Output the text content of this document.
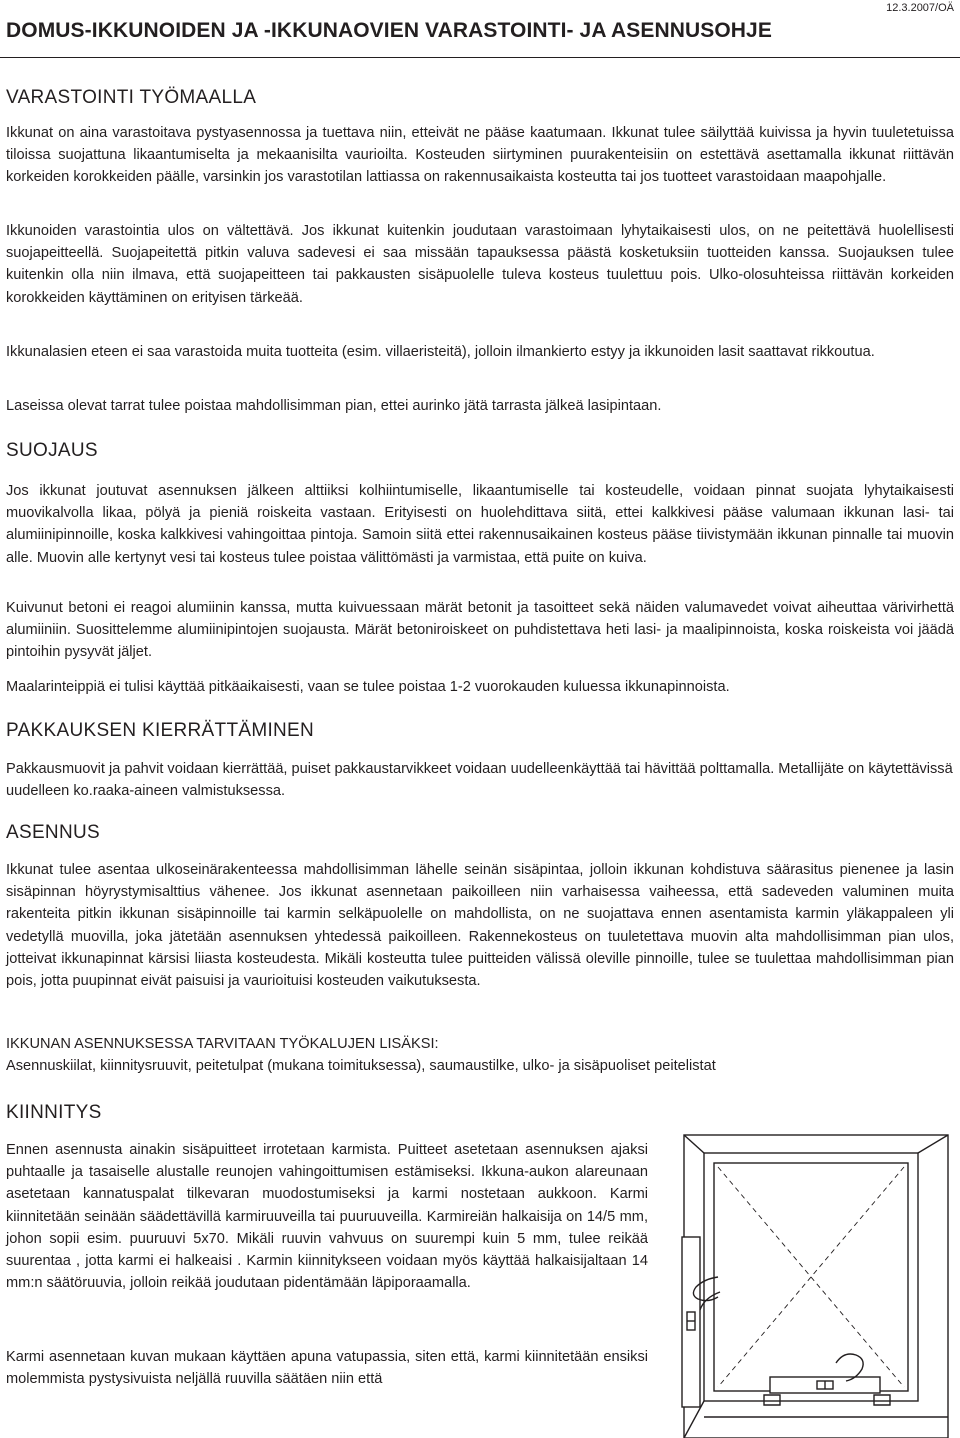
12.3.2007/OÄ
DOMUS-IKKUNOIDEN JA -IKKUNAOVIEN VARASTOINTI- JA ASENNUSOHJE
VARASTOINTI TYÖMAALLA

Ikkunat on aina varastoitava pystyasennossa ja tuettava niin, etteivät ne pääse kaatumaan. Ikkunat tulee säilyttää kuivissa ja hyvin tuuletetuissa tiloissa suojattuna likaantumiselta ja mekaanisilta vaurioilta. Kosteuden siirtyminen puurakenteisiin on estettävä asettamalla ikkunat riittävän korkeiden korokkeiden päälle, varsinkin jos varastotilan lattiassa on rakennusaikaista kosteutta tai jos tuotteet varastoidaan maapohjalle.

Ikkunoiden varastointia ulos on vältettävä. Jos ikkunat kuitenkin joudutaan varastoimaan lyhytaikaisesti ulos, on ne peitettävä huolellisesti suojapeitteellä. Suojapeitettä pitkin valuva sadevesi ei saa missään tapauksessa päästä kosketuksiin tuotteiden kanssa. Suojauksen tulee kuitenkin olla niin ilmava, että suojapeitteen tai pakkausten sisäpuolelle tuleva kosteus tuulettuu pois. Ulko-olosuhteissa riittävän korkeiden korokkeiden käyttäminen on erityisen tärkeää.

Ikkunalasien eteen ei saa varastoida muita tuotteita (esim. villaeristeitä), jolloin ilmankierto estyy ja ikkunoiden lasit saattavat rikkoutua.

Laseissa olevat tarrat tulee poistaa mahdollisimman pian, ettei aurinko jätä tarrasta jälkeä lasipintaan.

SUOJAUS

Jos ikkunat joutuvat asennuksen jälkeen alttiiksi kolhiintumiselle, likaantumiselle tai kosteudelle, voidaan pinnat suojata lyhytaikaisesti muovikalvolla likaa, pölyä ja pieniä roiskeita vastaan. Erityisesti on huolehdittava siitä, ettei kalkkivesi pääse valumaan ikkunan lasi- tai alumiinipinnoille, koska kalkkivesi vahingoittaa pintoja. Samoin siitä ettei rakennusaikainen kosteus pääse tiivistymään ikkunan pinnalle tai muovin alle. Muovin alle kertynyt vesi tai kosteus tulee poistaa välittömästi ja varmistaa, että puite on kuiva.

Kuivunut betoni ei reagoi alumiinin kanssa, mutta kuivuessaan märät betonit ja tasoitteet sekä näiden valumavedet voivat aiheuttaa värivirhettä alumiiniin. Suosittelemme alumiinipintojen suojausta. Märät betoniroiskeet on puhdistettava heti lasi- ja maalipinnoista, koska roiskeista voi jäädä pintoihin pysyvät jäljet.

Maalarinteippiä ei tulisi käyttää pitkäaikaisesti, vaan se tulee poistaa 1-2 vuorokauden kuluessa ikkunapinnoista.

PAKKAUKSEN KIERRÄTTÄMINEN

Pakkausmuovit ja pahvit voidaan kierrättää, puiset pakkaustarvikkeet voidaan uudelleenkäyttää tai hävittää polttamalla. Metallijäte on käytettävissä uudelleen ko.raaka-aineen valmistuksessa.

ASENNUS

Ikkunat tulee asentaa ulkoseinärakenteessa mahdollisimman lähelle seinän sisäpintaa, jolloin ikkunan kohdistuva säärasitus pienenee ja lasin sisäpinnan höyrystymisalttius vähenee. Jos ikkunat asennetaan paikoilleen niin varhaisessa vaiheessa, että sadeveden valuminen muita rakenteita pitkin ikkunan sisäpinnoille tai karmin selkäpuolelle on mahdollista, on ne suojattava ennen asentamista karmin yläkappaleen yli vedetyllä muovilla, joka jätetään asennuksen yhtedessä paikoilleen. Rakennekosteus on tuuletettava muovin alta mahdollisimman pian ulos, jotteivat ikkunapinnat kärsisi liiasta kosteudesta. Mikäli kosteutta tulee puitteiden välissä oleville pinnoille, tulee se tuulettaa mahdollisimman pian pois, jotta puupinnat eivät paisuisi ja vaurioituisi kosteuden vaikutuksesta.

IKKUNAN ASENNUKSESSA TARVITAAN TYÖKALUJEN LISÄKSI:

Asennuskiilat, kiinnitysruuvit, peitetulpat (mukana toimituksessa), saumaustilke, ulko- ja sisäpuoliset peitelistat

KIINNITYS

Ennen asennusta ainakin sisäpuitteet irrotetaan karmista. Puitteet asetetaan asennuksen ajaksi puhtaalle ja tasaiselle alustalle reunojen vahingoittumisen estämiseksi. Ikkuna-aukon alareunaan asetetaan kannatuspalat tilkevaran muodostumiseksi ja karmi nostetaan aukkoon. Karmi kiinnitetään seinään säädettävillä karmiruuveilla tai puuruuveilla. Karmireiän halkaisija on 14/5 mm, johon sopii esim. puuruuvi 5x70. Mikäli ruuvin vahvuus on suurempi kuin 5 mm, tulee reikää suurentaa , jotta karmi ei halkeaisi . Karmin kiinnitykseen voidaan myös käyttää halkaisijaltaan 14 mm:n säätöruuvia, jolloin reikää joudutaan pidentämään läpiporaamalla.

Karmi asennetaan kuvan mukaan käyttäen apuna vatupassia, siten että, karmi kiinnitetään ensiksi molemmista pystysivuista neljällä ruuvilla säätäen niin että
